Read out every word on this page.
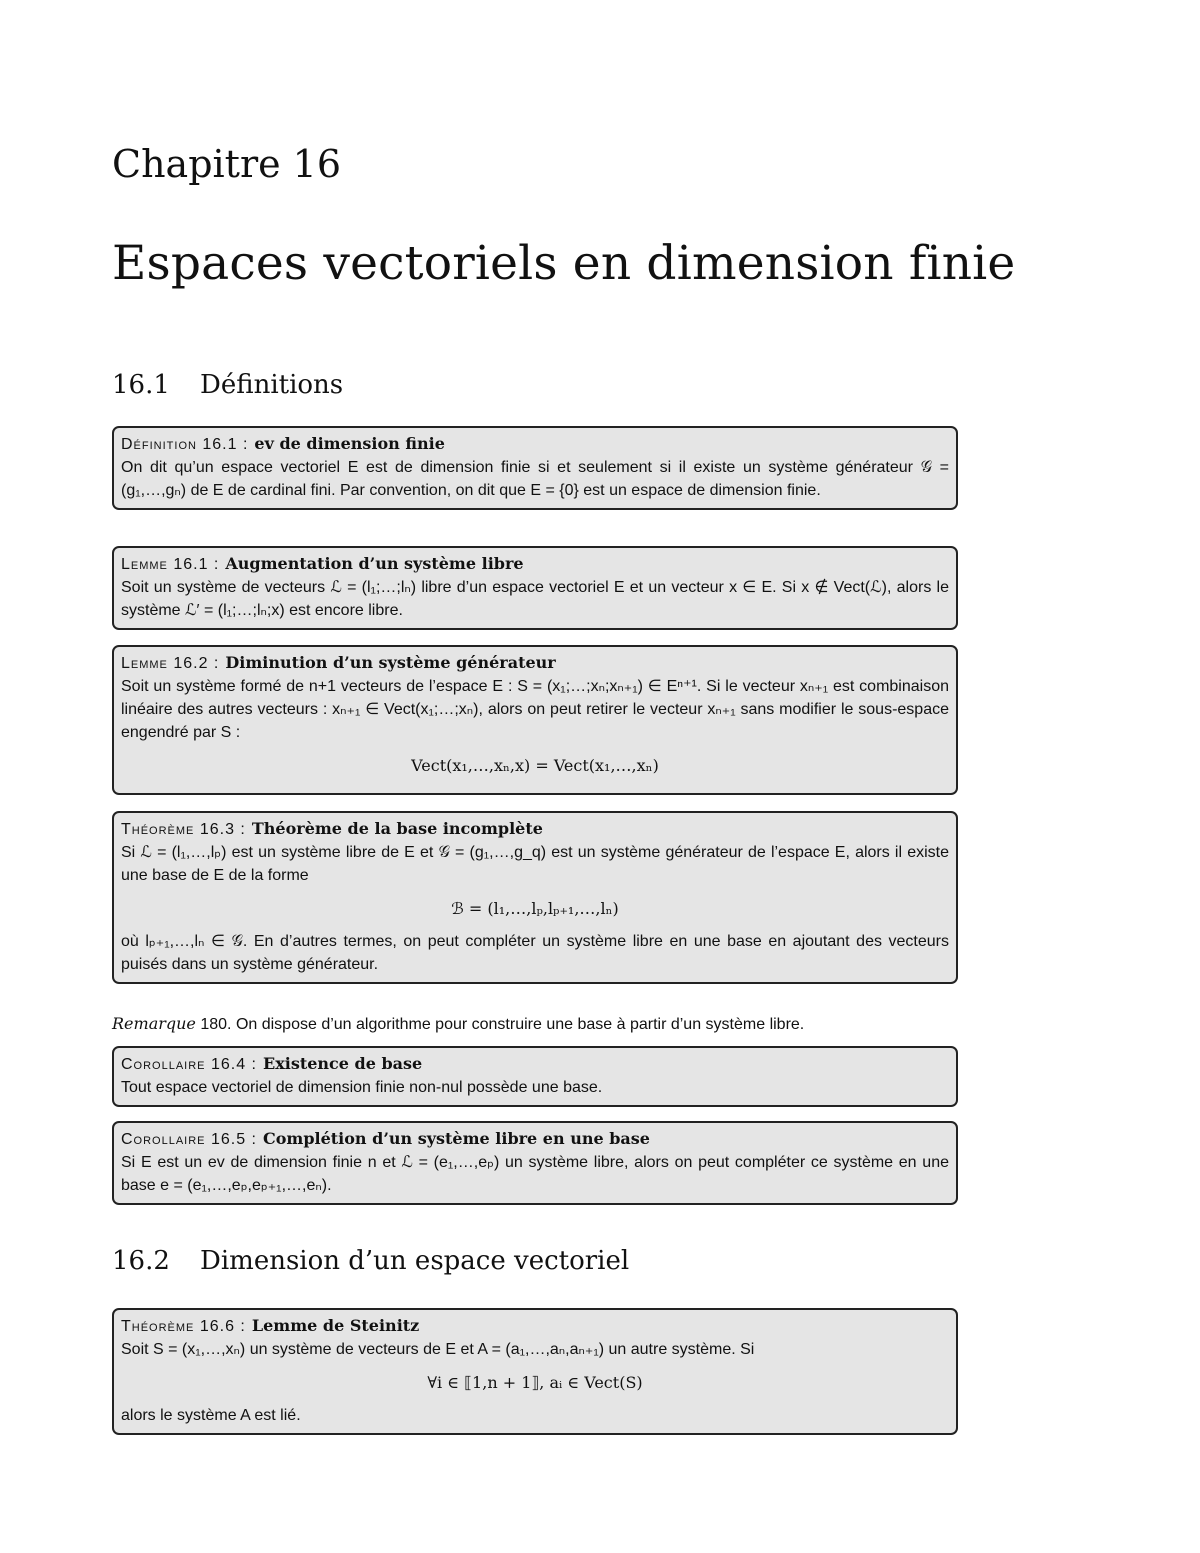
Chapitre 16
Espaces vectoriels en dimension finie
16.1 Définitions
Définition 16.1 : ev de dimension finie
On dit qu’un espace vectoriel E est de dimension finie si et seulement si il existe un système générateur 𝒢 = (g₁,…,gₙ) de E de cardinal fini. Par convention, on dit que E = {0} est un espace de dimension finie.
Lemme 16.1 : Augmentation d’un système libre
Soit un système de vecteurs ℒ = (l₁;…;lₙ) libre d’un espace vectoriel E et un vecteur x ∈ E. Si x ∉ Vect(ℒ), alors le système ℒ′ = (l₁;…;lₙ;x) est encore libre.
Lemme 16.2 : Diminution d’un système générateur
Soit un système formé de n+1 vecteurs de l’espace E : S = (x₁;…;xₙ;xₙ₊₁) ∈ Eⁿ⁺¹. Si le vecteur xₙ₊₁ est combinaison linéaire des autres vecteurs : xₙ₊₁ ∈ Vect(x₁;…;xₙ), alors on peut retirer le vecteur xₙ₊₁ sans modifier le sous-espace engendré par S :
Vect(x₁,…,xₙ,x) = Vect(x₁,…,xₙ)
Théorème 16.3 : Théorème de la base incomplète
Si ℒ = (l₁,…,lₚ) est un système libre de E et 𝒢 = (g₁,…,g_q) est un système générateur de l’espace E, alors il existe une base de E de la forme
ℬ = (l₁,…,lₚ,lₚ₊₁,…,lₙ)
où lₚ₊₁,…,lₙ ∈ 𝒢. En d’autres termes, on peut compléter un système libre en une base en ajoutant des vecteurs puisés dans un système générateur.
Remarque 180. On dispose d’un algorithme pour construire une base à partir d’un système libre.
Corollaire 16.4 : Existence de base
Tout espace vectoriel de dimension finie non-nul possède une base.
Corollaire 16.5 : Complétion d’un système libre en une base
Si E est un ev de dimension finie n et ℒ = (e₁,…,eₚ) un système libre, alors on peut compléter ce système en une base e = (e₁,…,eₚ,eₚ₊₁,…,eₙ).
16.2 Dimension d’un espace vectoriel
Théorème 16.6 : Lemme de Steinitz
Soit S = (x₁,…,xₙ) un système de vecteurs de E et A = (a₁,…,aₙ,aₙ₊₁) un autre système. Si
∀i ∈ ⟦1,n + 1⟧, aᵢ ∈ Vect(S)
alors le système A est lié.
